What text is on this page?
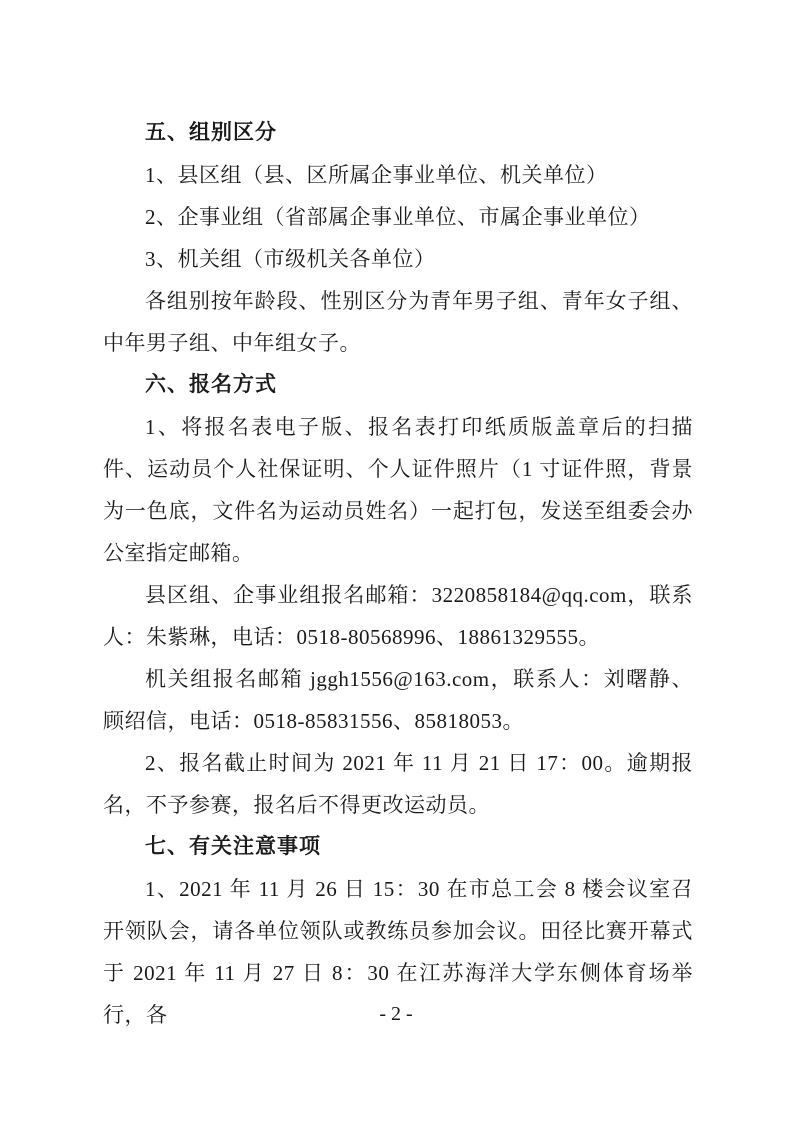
五、组别区分

1、县区组（县、区所属企事业单位、机关单位）

2、企事业组（省部属企事业单位、市属企事业单位）

3、机关组（市级机关各单位）

各组别按年龄段、性别区分为青年男子组、青年女子组、中年男子组、中年组女子。

六、报名方式

1、将报名表电子版、报名表打印纸质版盖章后的扫描件、运动员个人社保证明、个人证件照片（1 寸证件照，背景为一色底，文件名为运动员姓名）一起打包，发送至组委会办公室指定邮箱。

县区组、企事业组报名邮箱：3220858184@qq.com，联系人：朱紫琳，电话：0518-80568996、18861329555。

机关组报名邮箱 jggh1556@163.com，联系人：刘曙静、顾绍信，电话：0518-85831556、85818053。

2、报名截止时间为 2021 年 11 月 21 日 17：00。逾期报名，不予参赛，报名后不得更改运动员。

七、有关注意事项

1、2021 年 11 月 26 日 15：30 在市总工会 8 楼会议室召开领队会，请各单位领队或教练员参加会议。田径比赛开幕式于 2021 年 11 月 27 日 8：30 在江苏海洋大学东侧体育场举行，各	- 2 -
